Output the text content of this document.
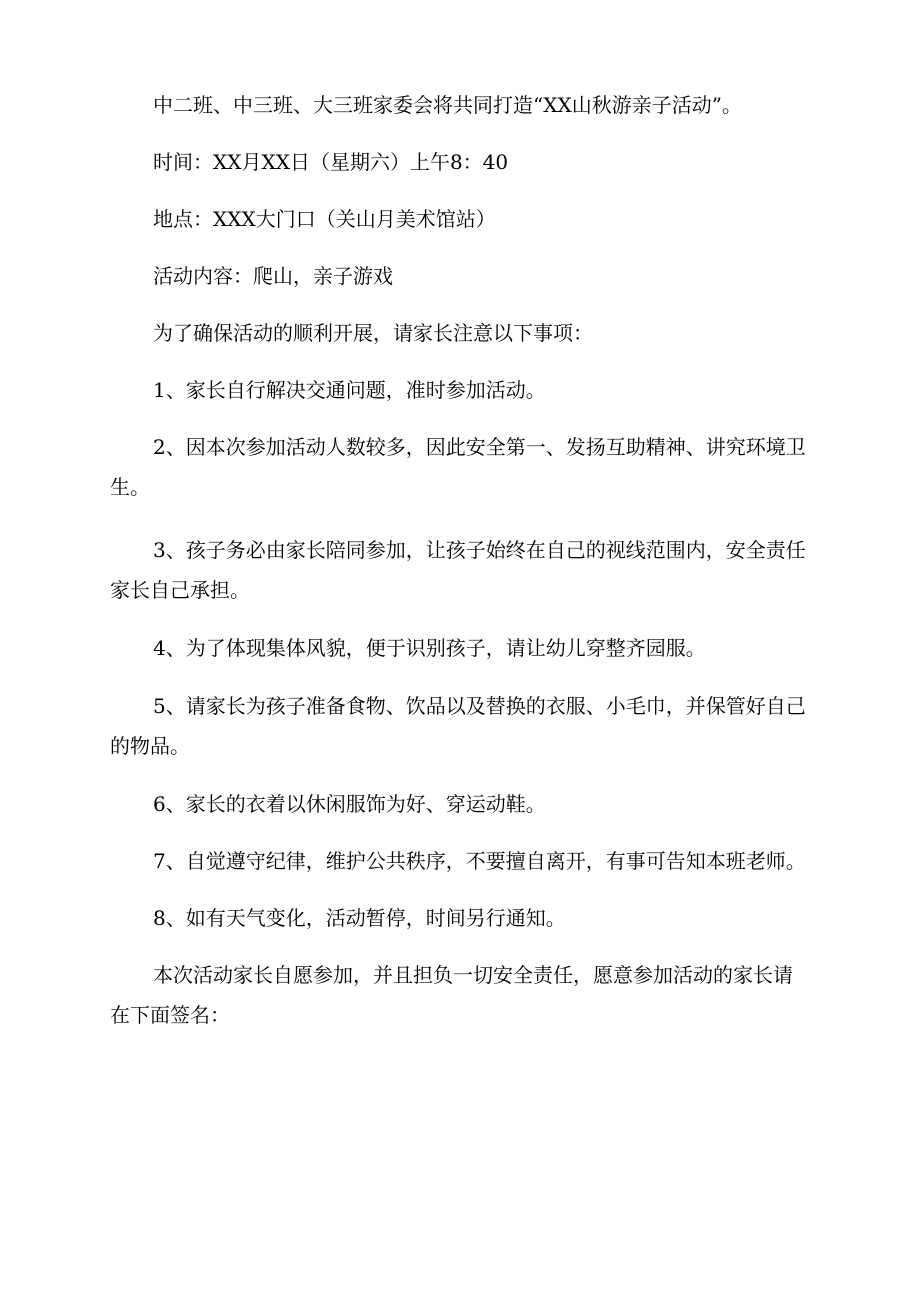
中二班、中三班、大三班家委会将共同打造“XX山秋游亲子活动”。

时间：XX月XX日（星期六）上午8：40

地点：XXX大门口（关山月美术馆站）

活动内容：爬山，亲子游戏

为了确保活动的顺利开展，请家长注意以下事项：

1、家长自行解决交通问题，准时参加活动。

2、因本次参加活动人数较多，因此安全第一、发扬互助精神、讲究环境卫生。

3、孩子务必由家长陪同参加，让孩子始终在自己的视线范围内，安全责任家长自己承担。

4、为了体现集体风貌，便于识别孩子，请让幼儿穿整齐园服。

5、请家长为孩子准备食物、饮品以及替换的衣服、小毛巾，并保管好自己的物品。

6、家长的衣着以休闲服饰为好、穿运动鞋。

7、自觉遵守纪律，维护公共秩序，不要擅自离开，有事可告知本班老师。

8、如有天气变化，活动暂停，时间另行通知。

本次活动家长自愿参加，并且担负一切安全责任，愿意参加活动的家长请在下面签名：
